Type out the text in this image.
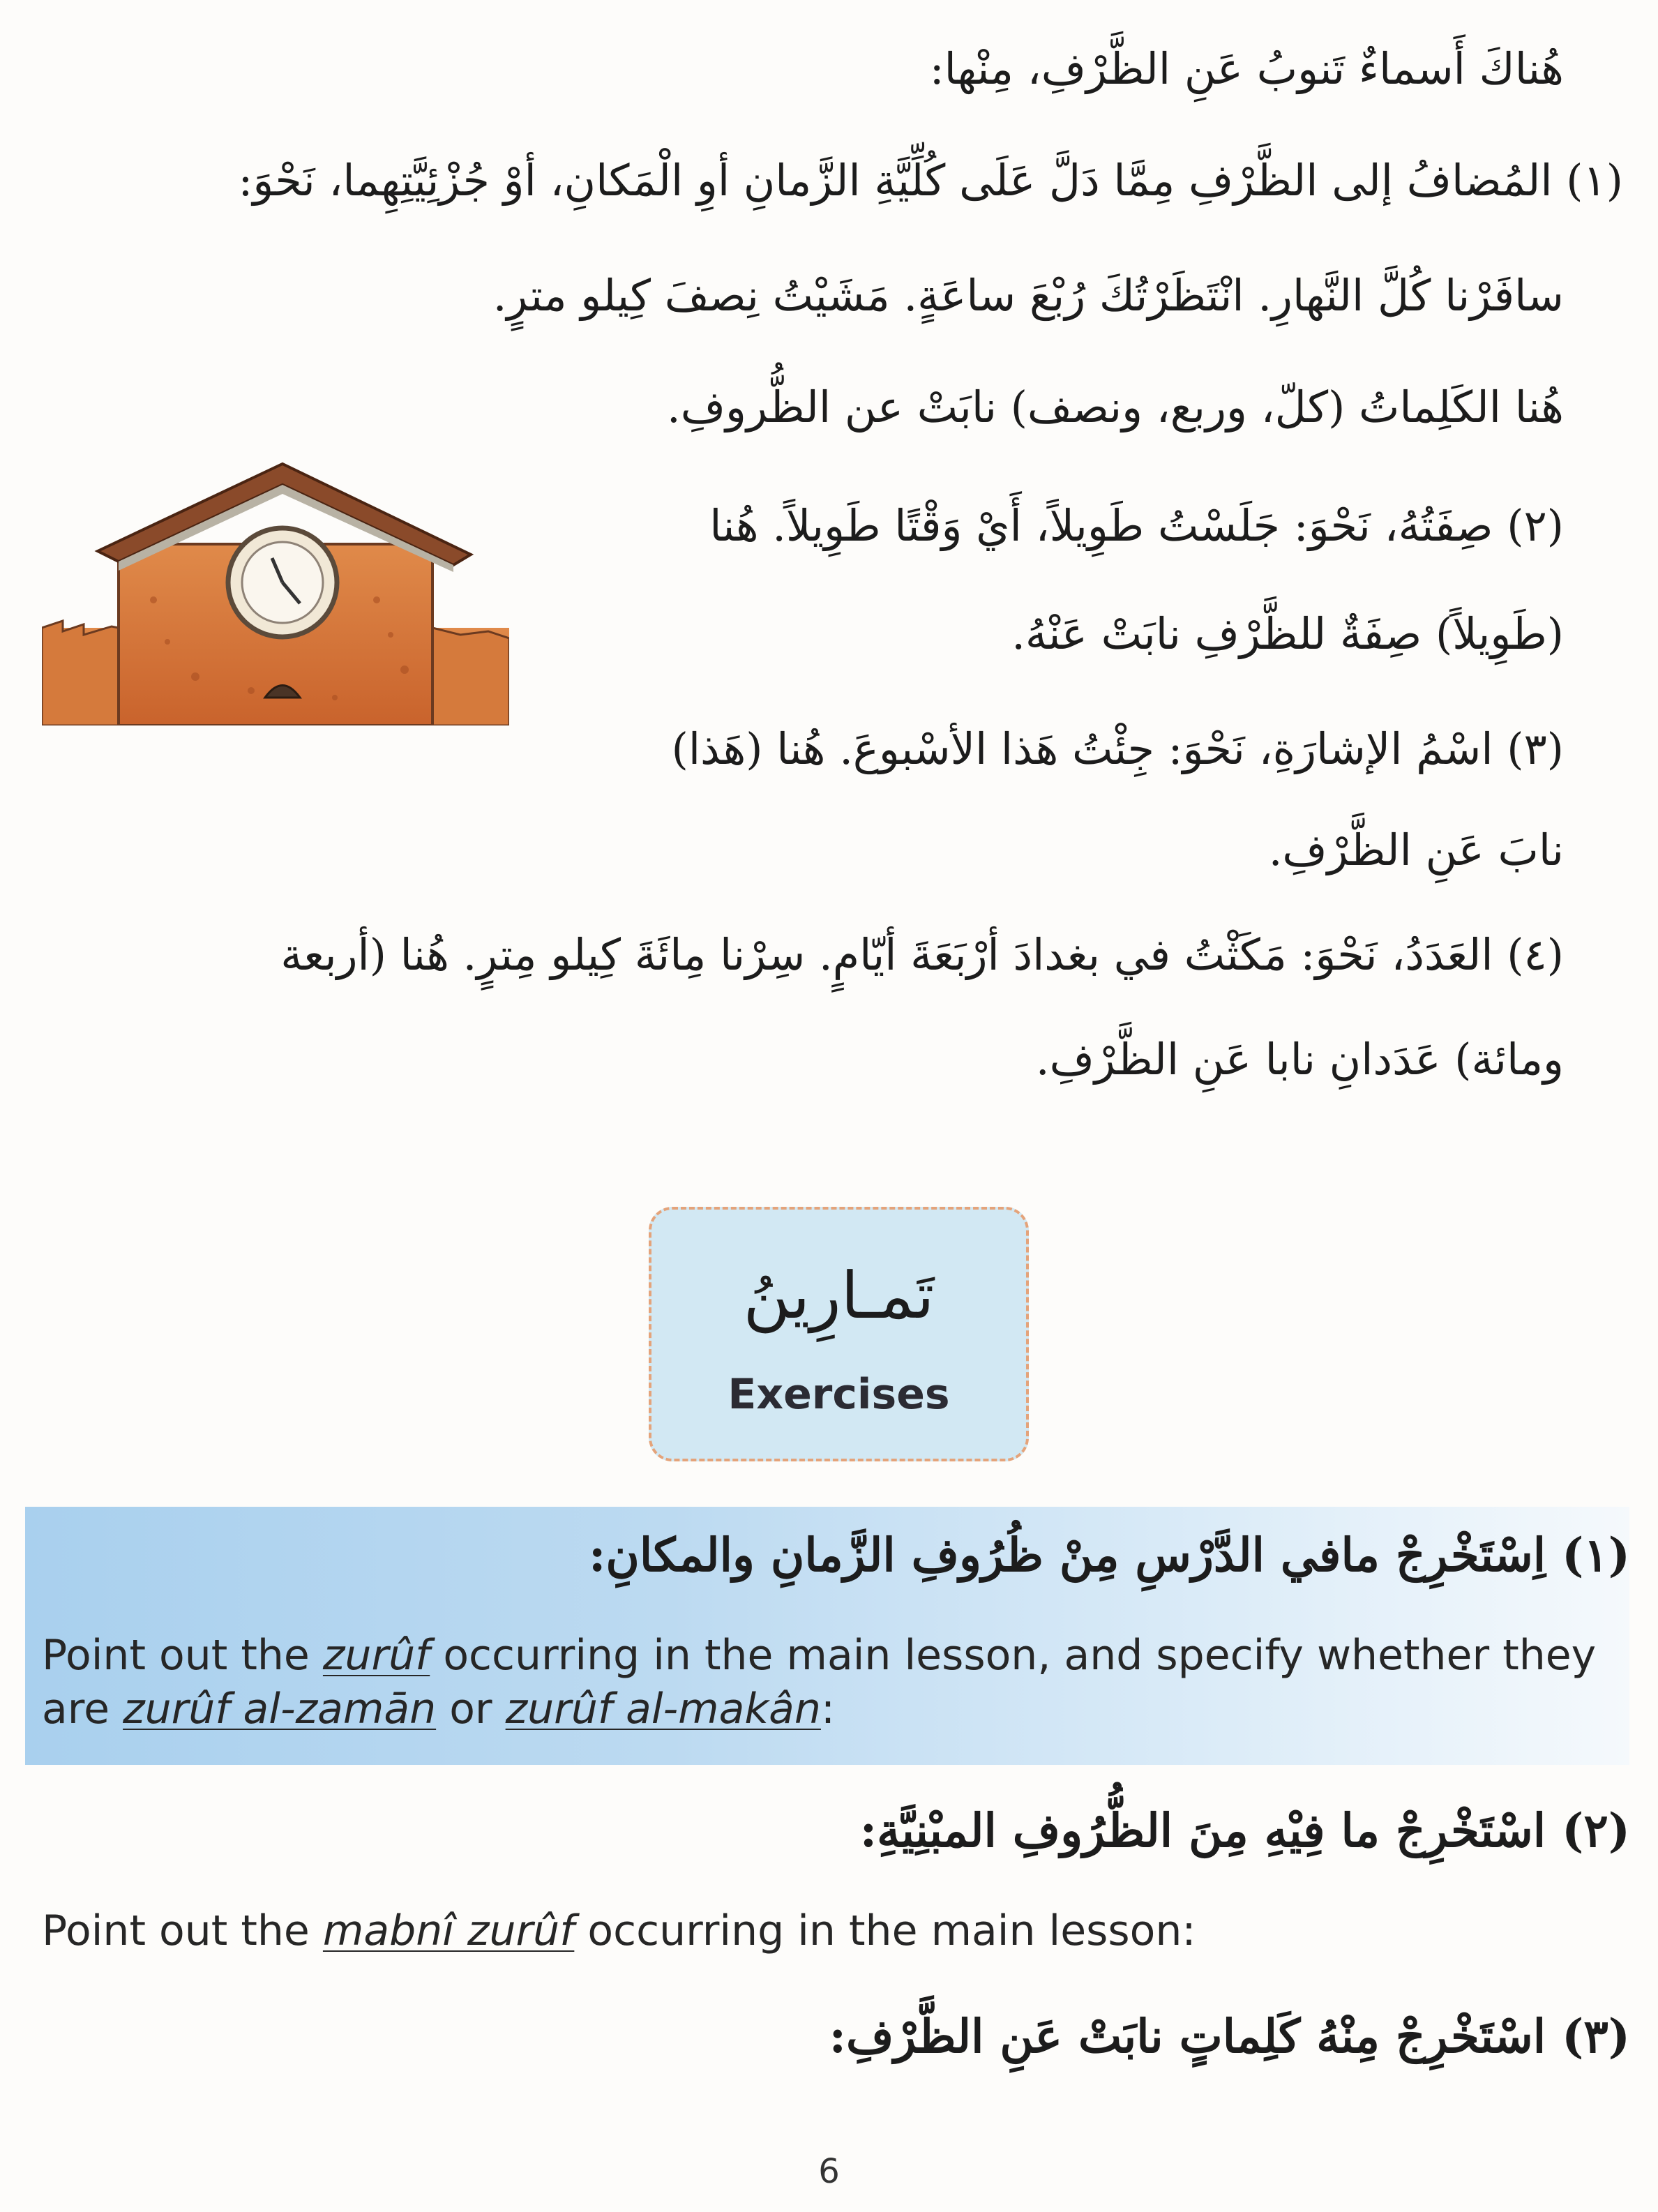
هُناكَ أَسماءٌ تَنوبُ عَنِ الظَّرْفِ، مِنْها:
(١) المُضافُ إلى الظَّرْفِ مِمَّا دَلَّ عَلَى كُلِّيَّةِ الزَّمانِ أوِ الْمَكانِ، أوْ جُزْئِيَّتِهِما، نَحْوَ:
سافَرْنا كُلَّ النَّهارِ. انْتَظَرْتُكَ رُبْعَ ساعَةٍ. مَشَيْتُ نِصفَ كِيلو مترٍ.
هُنا الكَلِماتُ (كلّ، وربع، ونصف) نابَتْ عن الظُّروفِ.
(٢) صِفَتُهُ، نَحْوَ: جَلَسْتُ طَوِيلاً، أَيْ وَقْتًا طَوِيلاً. هُنا
(طَوِيلاً) صِفَةٌ للظَّرْفِ نابَتْ عَنْهُ.
(٣) اسْمُ الإشارَةِ، نَحْوَ: جِئْتُ هَذا الأسْبوعَ. هُنا (هَذا)
نابَ عَنِ الظَّرْفِ.
(٤) العَدَدُ، نَحْوَ: مَكَثْتُ في بغدادَ أرْبَعَةَ أيّامٍ. سِرْنا مِائَةَ كِيلو مِترٍ. هُنا (أربعة
ومائة) عَدَدانِ نابا عَنِ الظَّرْفِ.
تَمـارِينُ
Exercises
(١) اِسْتَخْرِجْ مافي الدَّرْسِ مِنْ ظُرُوفِ الزَّمانِ والمكانِ:
Point out the zurûf occurring in the main lesson, and specify whether they are zurûf al-zamān or zurûf al-makân:
(٢) اسْتَخْرِجْ ما فِيْهِ مِنَ الظُّرُوفِ المبْنِيَّةِ:
Point out the mabnî zurûf occurring in the main lesson:
(٣) اسْتَخْرِجْ مِنْهُ كَلِماتٍ نابَتْ عَنِ الظَّرْفِ:
6
